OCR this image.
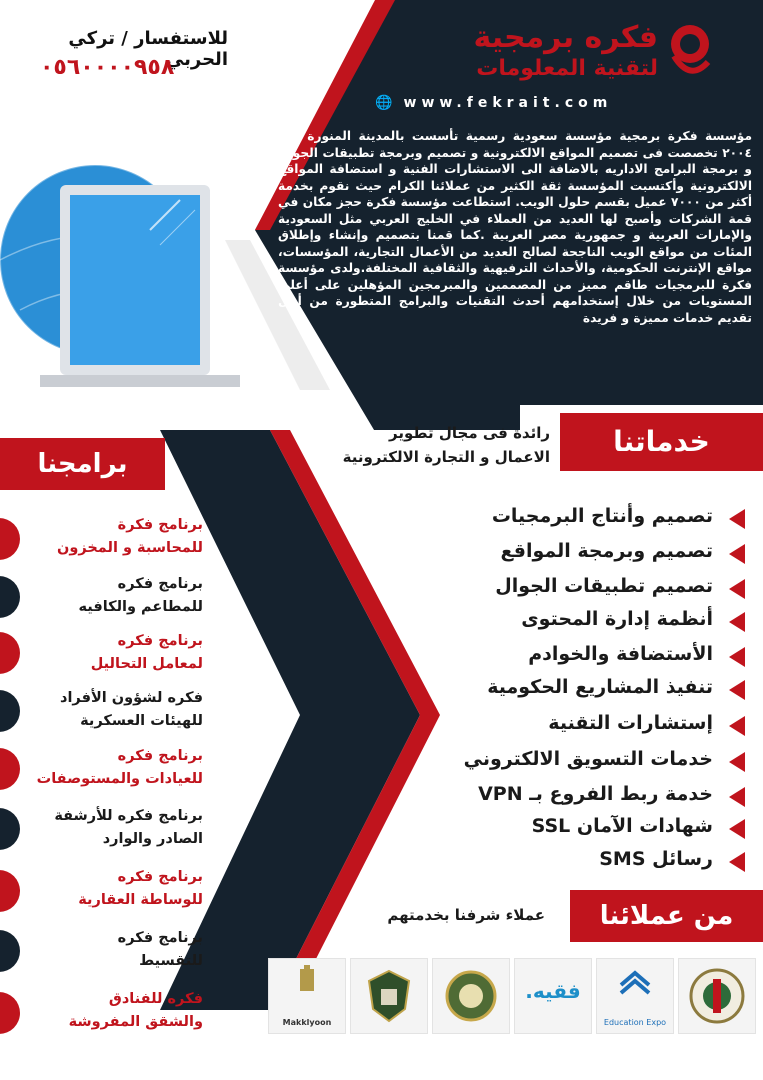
للاستفسار / تركي الحربي
٠٥٦٠٠٠٠٩٥٨
فكره برمجية
لتقنية المعلومات
🌐 www.fekrait.com
مؤسسة فكرة برمجية مؤسسة سعودية رسمية تأسست بالمدينة المنورة عام ٢٠٠٤ تخصصت فى تصميم المواقع الالكترونية و تصميم وبرمجة تطبيقات الجوال و برمجة البرامج الاداريه بالاضافة الى الاستشارات الفنية و استضافة المواقع الالكترونية وأكتسبت المؤسسة ثقة الكثير من عملائنا الكرام حيث نقوم بخدمة أكثر من ٧٠٠٠ عميل بقسم حلول الويب. استطاعت مؤسسة فكرة حجز مكان في قمة الشركات وأصبح لها العديد من العملاء في الخليج العربي مثل السعودية والإمارات العربية و جمهورية مصر العربية .كما قمنا بتصميم وإنشاء وإطلاق المئات من مواقع الويب الناجحة لصالح العديد من الأعمال التجارية، المؤسسات، مواقع الإنترنت الحكومية، والأحداث الترفيهية والثقافية المختلفة.ولدى مؤسسة فكرة للبرمجيات طاقم مميز من المصممين والمبرمجين المؤهلين على أعلى المستويات من خلال إستخدامهم أحدث التقنيات والبرامج المتطورة من أجل تقديم خدمات مميزة و فريدة
خدماتنا
رائدة فى مجال تطوير
الاعمال و التجارة الالكترونية
تصميم وأنتاج البرمجيات
تصميم وبرمجة المواقع
تصميم تطبيقات الجوال
أنظمة إدارة المحتوى
الأستضافة والخوادم
تنفيذ المشاريع الحكومية
إستشارات التقنية
خدمات التسويق الالكتروني
خدمة ربط الفروع بـ VPN
شهادات الآمان SSL
رسائل SMS
برامجنا
برنامج فكرة
للمحاسبة و المخزون
برنامج فكره
للمطاعم والكافيه
برنامج فكره
لمعامل التحاليل
فكره لشؤون الأفراد
للهيئات العسكرية
برنامج فكره
للعيادات والمستوصفات
برنامج فكره للأرشفة
الصادر والوارد
برنامج فكره
للوساطة العقارية
برنامج فكره
للتقسيط
فكره للفنادق
والشقق المفروشة
من عملائنا
عملاء شرفنا بخدمتهم
Education Expo
فقيه.
Makklyoon
